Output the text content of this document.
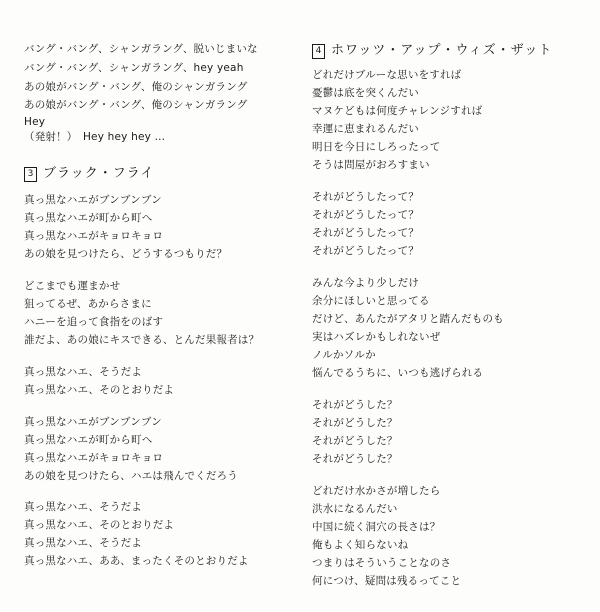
バング・バング、シャンガラング、脱いじまいな
バング・バング、シャンガラング、hey yeah
あの娘がバング・バング、俺のシャンガラング
あの娘がバング・バング、俺のシャンガラング
Hey
（発射！）　Hey hey hey ...
3 ブラック・フライ
真っ黒なハエがブンブンブン
真っ黒なハエが町から町へ
真っ黒なハエがキョロキョロ
あの娘を見つけたら、どうするつもりだ？
どこまでも運まかせ
狙ってるぜ、あからさまに
ハニーを追って食指をのばす
誰だよ、あの娘にキスできる、とんだ果報者は？
真っ黒なハエ、そうだよ
真っ黒なハエ、そのとおりだよ
真っ黒なハエがブンブンブン
真っ黒なハエが町から町へ
真っ黒なハエがキョロキョロ
あの娘を見つけたら、ハエは飛んでくだろう
真っ黒なハエ、そうだよ
真っ黒なハエ、そのとおりだよ
真っ黒なハエ、そうだよ
真っ黒なハエ、ああ、まったくそのとおりだよ
4 ホワッツ・アップ・ウィズ・ザット
どれだけブルーな思いをすれば
憂鬱は底を突くんだい
マヌケどもは何度チャレンジすれば
幸運に恵まれるんだい
明日を今日にしろったって
そうは問屋がおろすまい
それがどうしたって？
それがどうしたって？
それがどうしたって？
それがどうしたって？
みんな今より少しだけ
余分にほしいと思ってる
だけど、あんたがアタリと踏んだものも
実はハズレかもしれないぜ
ノルかソルか
悩んでるうちに、いつも逃げられる
それがどうした？
それがどうした？
それがどうした？
それがどうした？
どれだけ水かさが増したら
洪水になるんだい
中国に続く洞穴の長さは？
俺もよく知らないね
つまりはそういうことなのさ
何につけ、疑問は残るってこと
